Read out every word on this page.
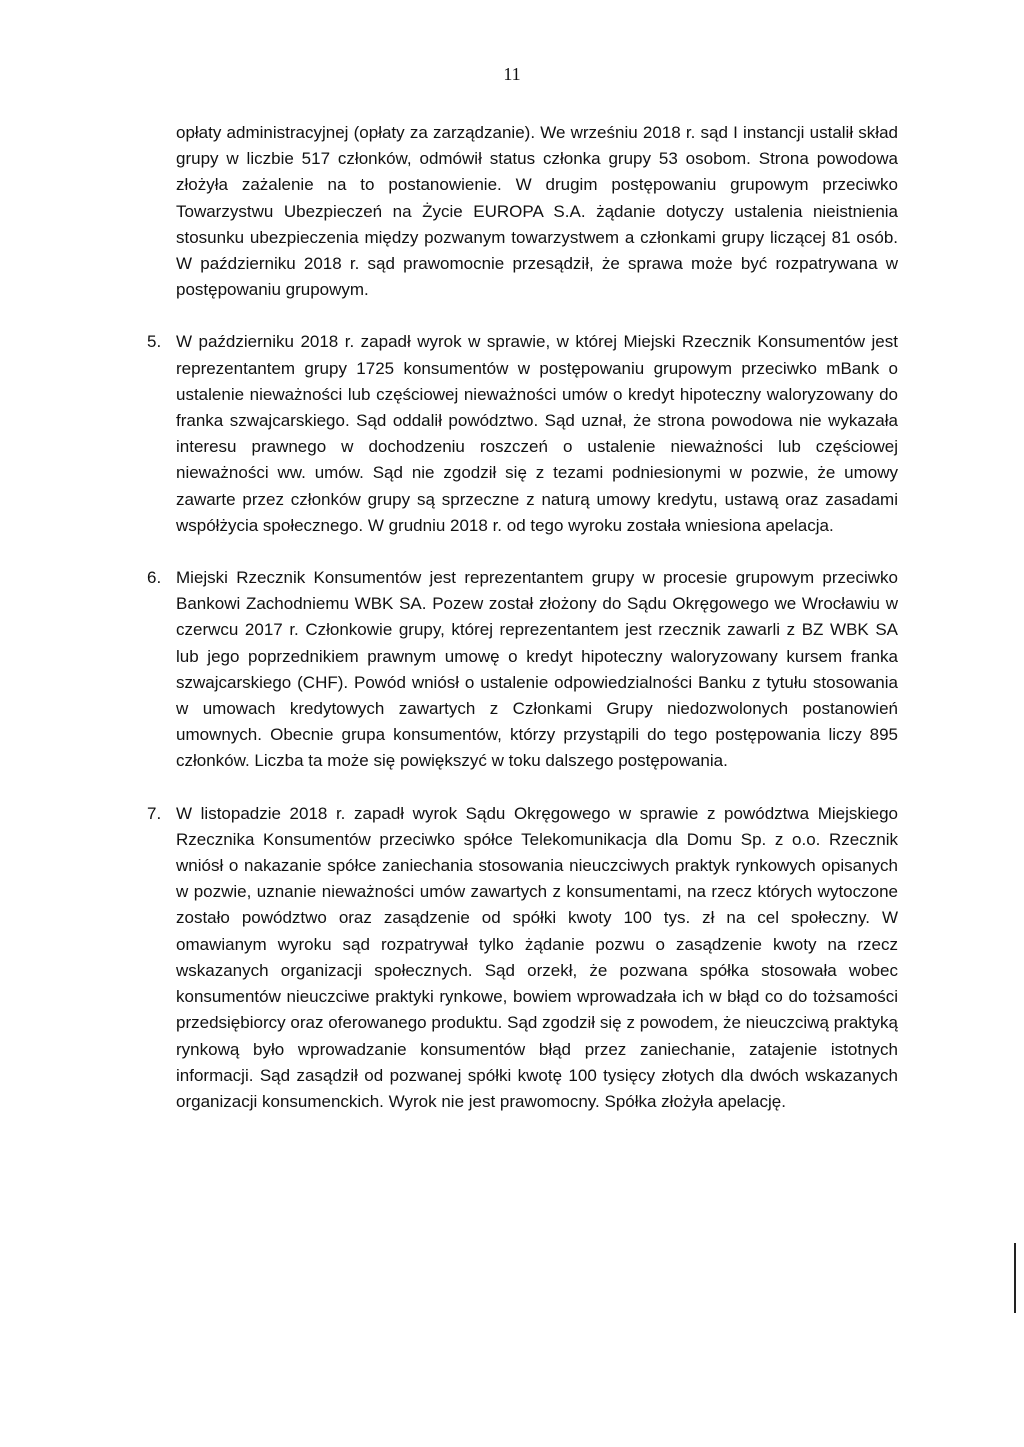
11

opłaty administracyjnej (opłaty za zarządzanie). We wrześniu 2018 r. sąd I instancji ustalił skład grupy w liczbie 517 członków, odmówił status członka grupy 53 osobom. Strona powodowa złożyła zażalenie na to postanowienie. W drugim postępowaniu grupowym przeciwko Towarzystwu Ubezpieczeń na Życie EUROPA S.A. żądanie dotyczy ustalenia nieistnienia stosunku ubezpieczenia między pozwanym towarzystwem a członkami grupy liczącej 81 osób. W październiku 2018 r. sąd prawomocnie przesądził, że sprawa może być rozpatrywana w postępowaniu grupowym.

5. W październiku 2018 r. zapadł wyrok w sprawie, w której Miejski Rzecznik Konsumentów jest reprezentantem grupy 1725 konsumentów w postępowaniu grupowym przeciwko mBank o ustalenie nieważności lub częściowej nieważności umów o kredyt hipoteczny waloryzowany do franka szwajcarskiego. Sąd oddalił powództwo. Sąd uznał, że strona powodowa nie wykazała interesu prawnego w dochodzeniu roszczeń o ustalenie nieważności lub częściowej nieważności ww. umów. Sąd nie zgodził się z tezami podniesionymi w pozwie, że umowy zawarte przez członków grupy są sprzeczne z naturą umowy kredytu, ustawą oraz zasadami współżycia społecznego. W grudniu 2018 r. od tego wyroku została wniesiona apelacja.

6. Miejski Rzecznik Konsumentów jest reprezentantem grupy w procesie grupowym przeciwko Bankowi Zachodniemu WBK SA. Pozew został złożony do Sądu Okręgowego we Wrocławiu w czerwcu 2017 r. Członkowie grupy, której reprezentantem jest rzecznik zawarli z BZ WBK SA lub jego poprzednikiem prawnym umowę o kredyt hipoteczny waloryzowany kursem franka szwajcarskiego (CHF). Powód wniósł o ustalenie odpowiedzialności Banku z tytułu stosowania w umowach kredytowych zawartych z Członkami Grupy niedozwolonych postanowień umownych. Obecnie grupa konsumentów, którzy przystąpili do tego postępowania liczy 895 członków. Liczba ta może się powiększyć w toku dalszego postępowania.

7. W listopadzie 2018 r. zapadł wyrok Sądu Okręgowego w sprawie z powództwa Miejskiego Rzecznika Konsumentów przeciwko spółce Telekomunikacja dla Domu Sp. z o.o. Rzecznik wniósł o nakazanie spółce zaniechania stosowania nieuczciwych praktyk rynkowych opisanych w pozwie, uznanie nieważności umów zawartych z konsumentami, na rzecz których wytoczone zostało powództwo oraz zasądzenie od spółki kwoty 100 tys. zł na cel społeczny. W omawianym wyroku sąd rozpatrywał tylko żądanie pozwu o zasądzenie kwoty na rzecz wskazanych organizacji społecznych. Sąd orzekł, że pozwana spółka stosowała wobec konsumentów nieuczciwe praktyki rynkowe, bowiem wprowadzała ich w błąd co do tożsamości przedsiębiorcy oraz oferowanego produktu. Sąd zgodził się z powodem, że nieuczciwą praktyką rynkową było wprowadzanie konsumentów błąd przez zaniechanie, zatajenie istotnych informacji. Sąd zasądził od pozwanej spółki kwotę 100 tysięcy złotych dla dwóch wskazanych organizacji konsumenckich. Wyrok nie jest prawomocny. Spółka złożyła apelację.
